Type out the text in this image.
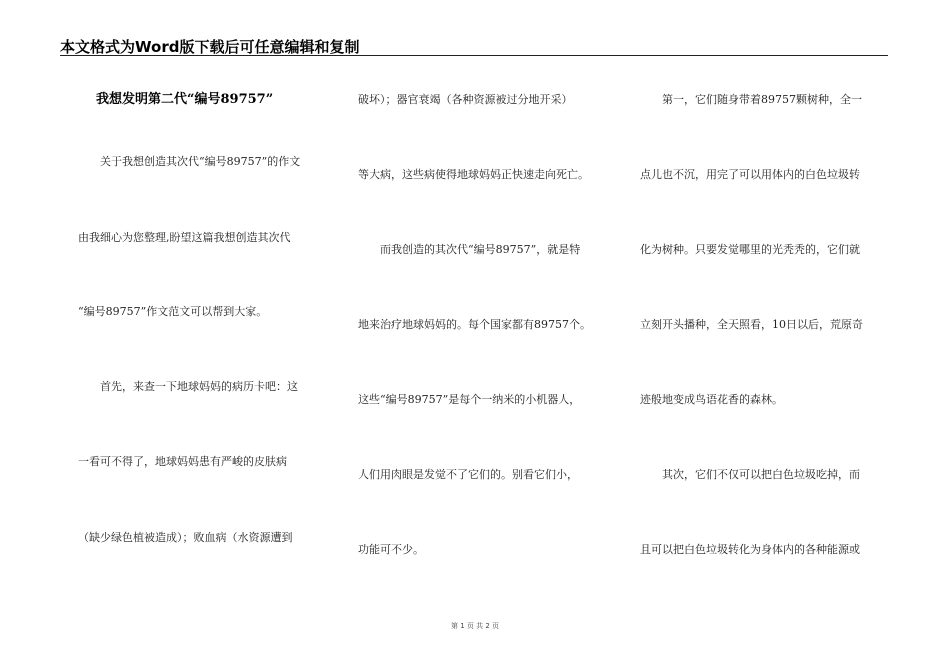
本文格式为Word版下载后可任意编辑和复制
我想发明第二代“编号89757”
关于我想创造其次代“编号89757”的作文
由我细心为您整理,盼望这篇我想创造其次代
“编号89757”作文范文可以帮到大家。
首先，来查一下地球妈妈的病历卡吧：这
一看可不得了，地球妈妈患有严峻的皮肤病
（缺少绿色植被造成）；败血病（水资源遭到
破坏）；器官衰竭（各种资源被过分地开采）
等大病，这些病使得地球妈妈正快速走向死亡。
而我创造的其次代“编号89757”，就是特
地来治疗地球妈妈的。每个国家都有89757个。
这些“编号89757”是每个一纳米的小机器人，
人们用肉眼是发觉不了它们的。别看它们小，
功能可不少。
第一，它们随身带着89757颗树种，全一
点儿也不沉，用完了可以用体内的白色垃圾转
化为树种。只要发觉哪里的光秃秃的，它们就
立刻开头播种，全天照看，10日以后，荒原奇
迹般地变成鸟语花香的森林。
其次，它们不仅可以把白色垃圾吃掉，而
且可以把白色垃圾转化为身体内的各种能源或
第 1 页 共 2 页
